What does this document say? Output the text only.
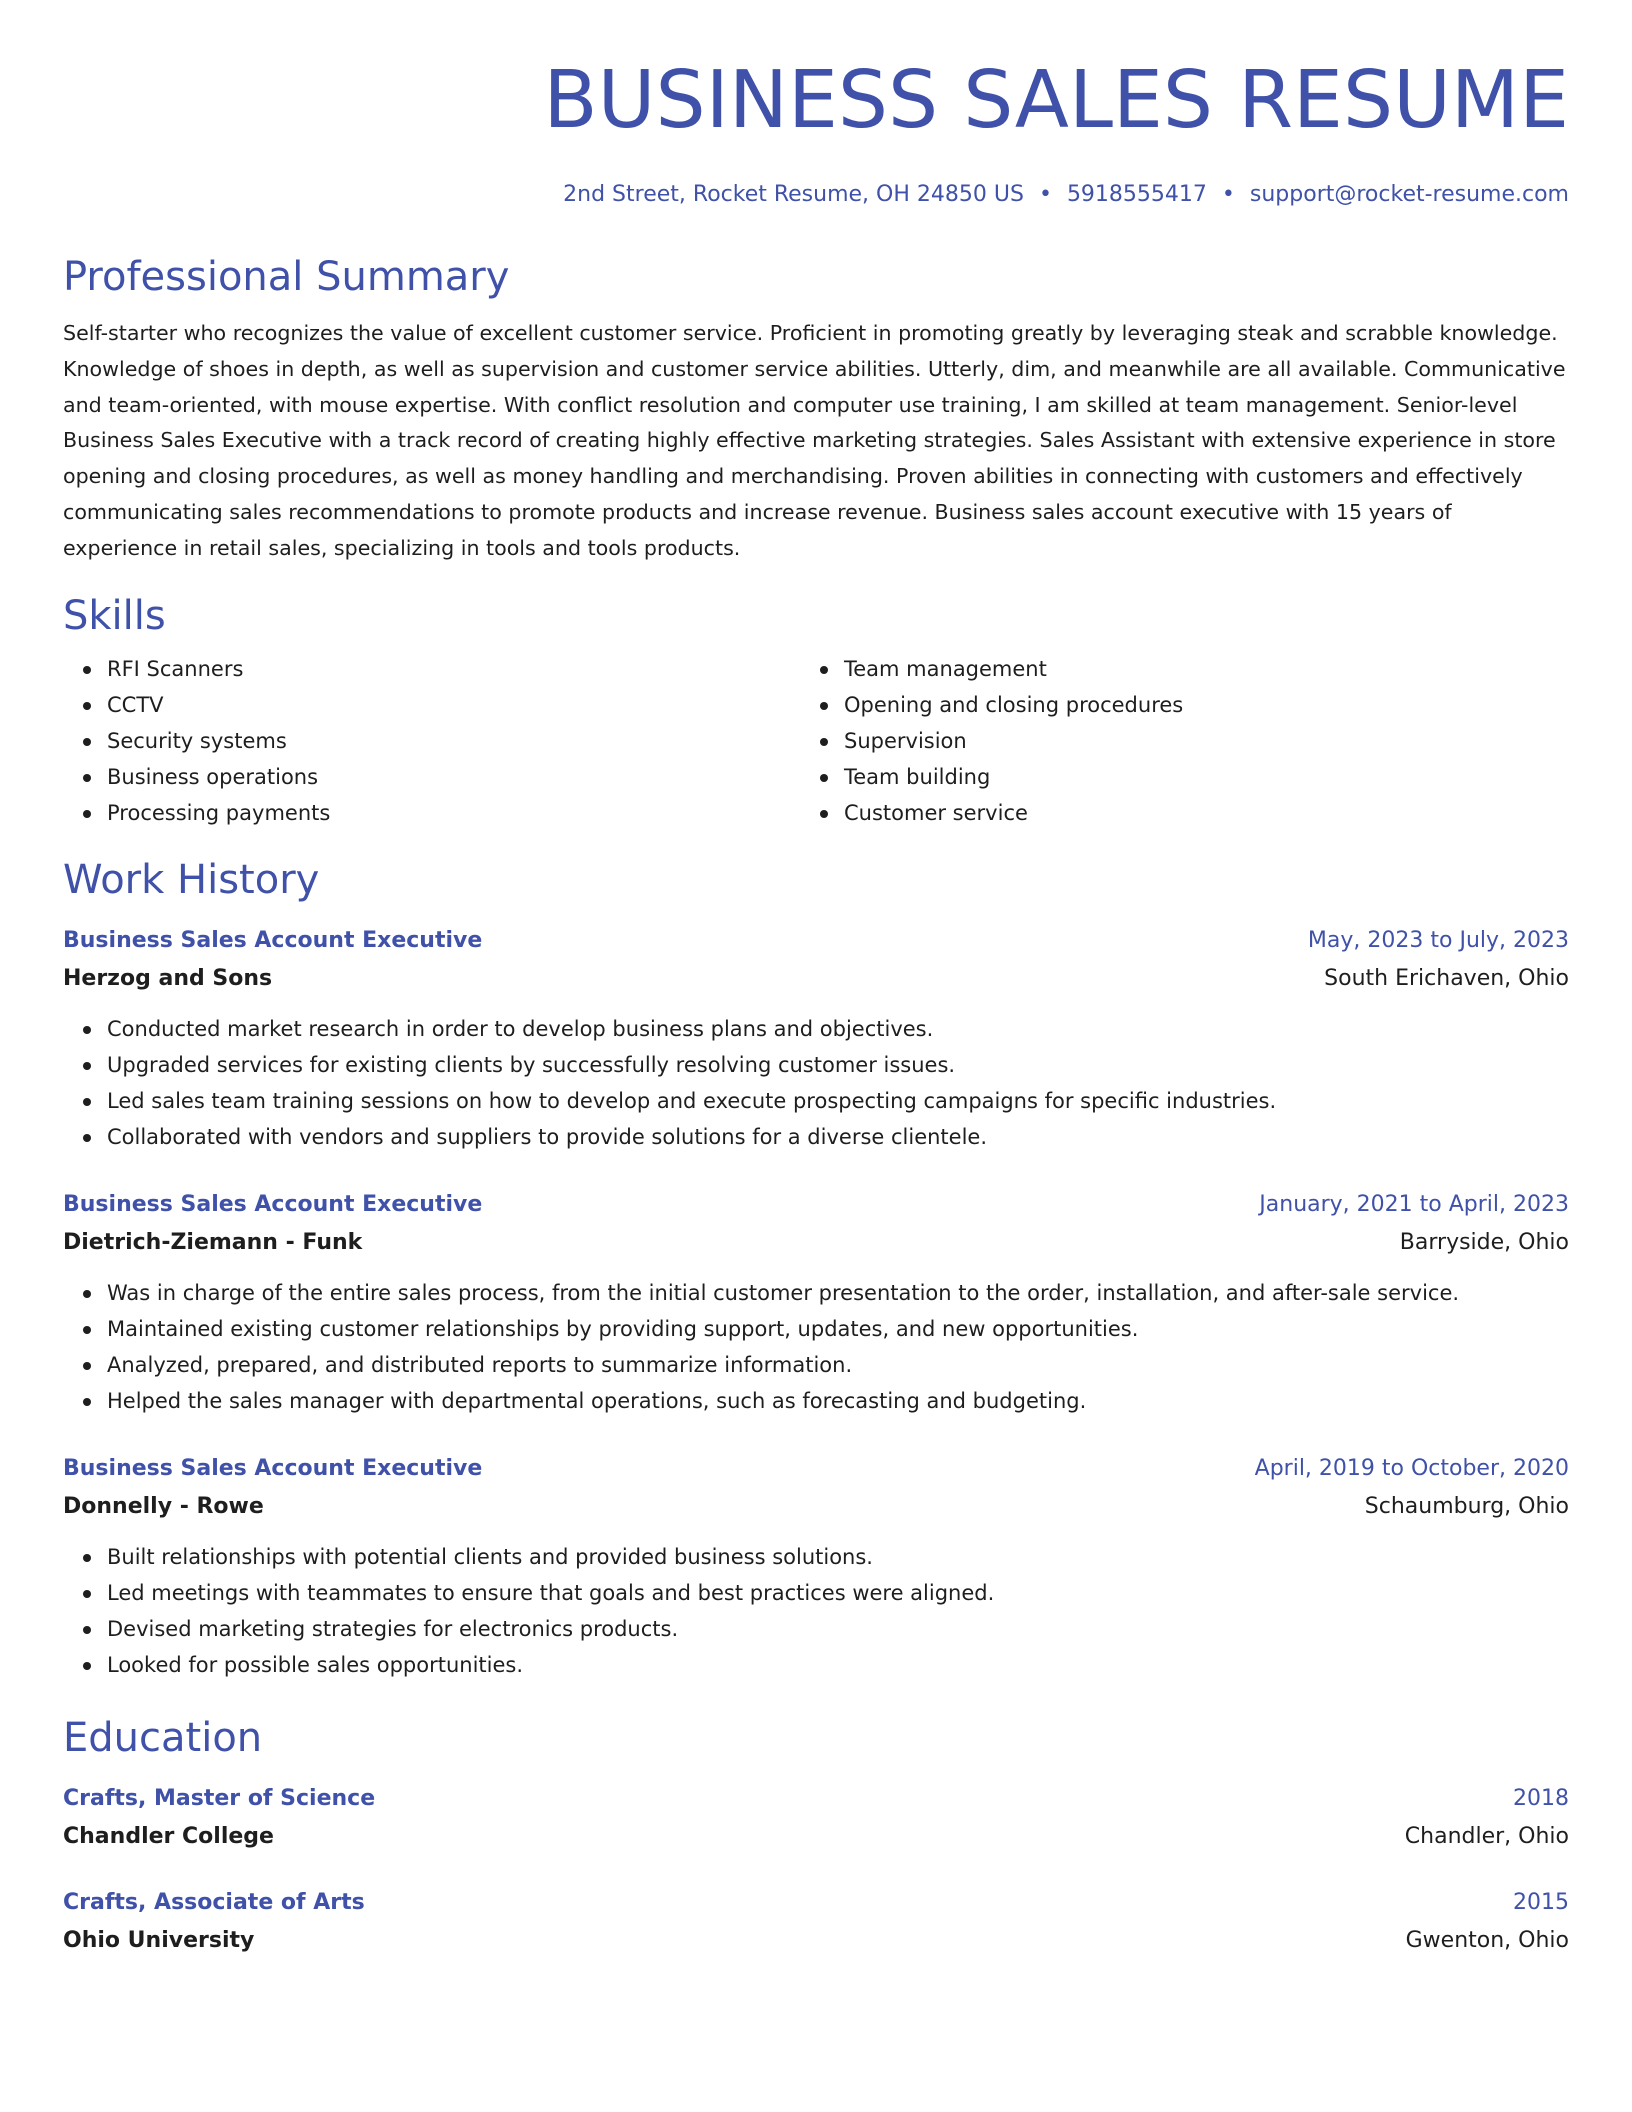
BUSINESS SALES RESUME
2nd Street, Rocket Resume, OH 24850 US • 5918555417 • support@rocket-resume.com
Professional Summary

Self-starter who recognizes the value of excellent customer service. Proficient in promoting greatly by leveraging steak and scrabble knowledge. Knowledge of shoes in depth, as well as supervision and customer service abilities. Utterly, dim, and meanwhile are all available. Communicative and team-oriented, with mouse expertise. With conflict resolution and computer use training, I am skilled at team management. Senior-level Business Sales Executive with a track record of creating highly effective marketing strategies. Sales Assistant with extensive experience in store opening and closing procedures, as well as money handling and merchandising. Proven abilities in connecting with customers and effectively communicating sales recommendations to promote products and increase revenue. Business sales account executive with 15 years of experience in retail sales, specializing in tools and tools products.

Skills
RFI Scanners
CCTV
Security systems
Business operations
Processing payments
Team management
Opening and closing procedures
Supervision
Team building
Customer service
Work History
Business Sales Account Executive	May, 2023 to July, 2023
Herzog and Sons	South Erichaven, Ohio
Conducted market research in order to develop business plans and objectives.
Upgraded services for existing clients by successfully resolving customer issues.
Led sales team training sessions on how to develop and execute prospecting campaigns for specific industries.
Collaborated with vendors and suppliers to provide solutions for a diverse clientele.
Business Sales Account Executive	January, 2021 to April, 2023
Dietrich-Ziemann - Funk	Barryside, Ohio
Was in charge of the entire sales process, from the initial customer presentation to the order, installation, and after-sale service.
Maintained existing customer relationships by providing support, updates, and new opportunities.
Analyzed, prepared, and distributed reports to summarize information.
Helped the sales manager with departmental operations, such as forecasting and budgeting.
Business Sales Account Executive	April, 2019 to October, 2020
Donnelly - Rowe	Schaumburg, Ohio
Built relationships with potential clients and provided business solutions.
Led meetings with teammates to ensure that goals and best practices were aligned.
Devised marketing strategies for electronics products.
Looked for possible sales opportunities.
Education
Crafts, Master of Science	2018
Chandler College	Chandler, Ohio
Crafts, Associate of Arts	2015
Ohio University	Gwenton, Ohio
